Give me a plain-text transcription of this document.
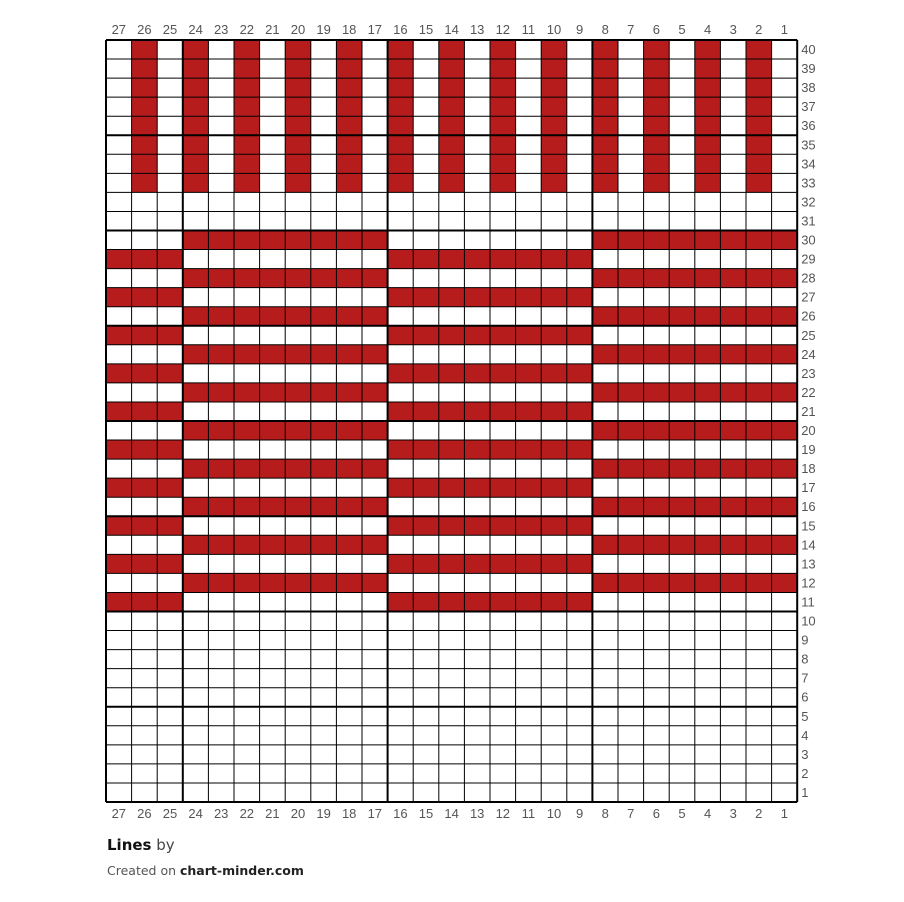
1
1
2
2
3
3
4
4
5
5
6
6
7
7
8
8
9
9
10
10
11
11
12
12
13
13
14
14
15
15
16
16
17
17
18
18
19
19
20
20
21
21
22
22
23
23
24
24
25
25
26
26
27
27
1
2
3
4
5
6
7
8
9
10
11
12
13
14
15
16
17
18
19
20
21
22
23
24
25
26
27
28
29
30
31
32
33
34
35
36
37
38
39
40
Lines by
Created on chart-minder.com
